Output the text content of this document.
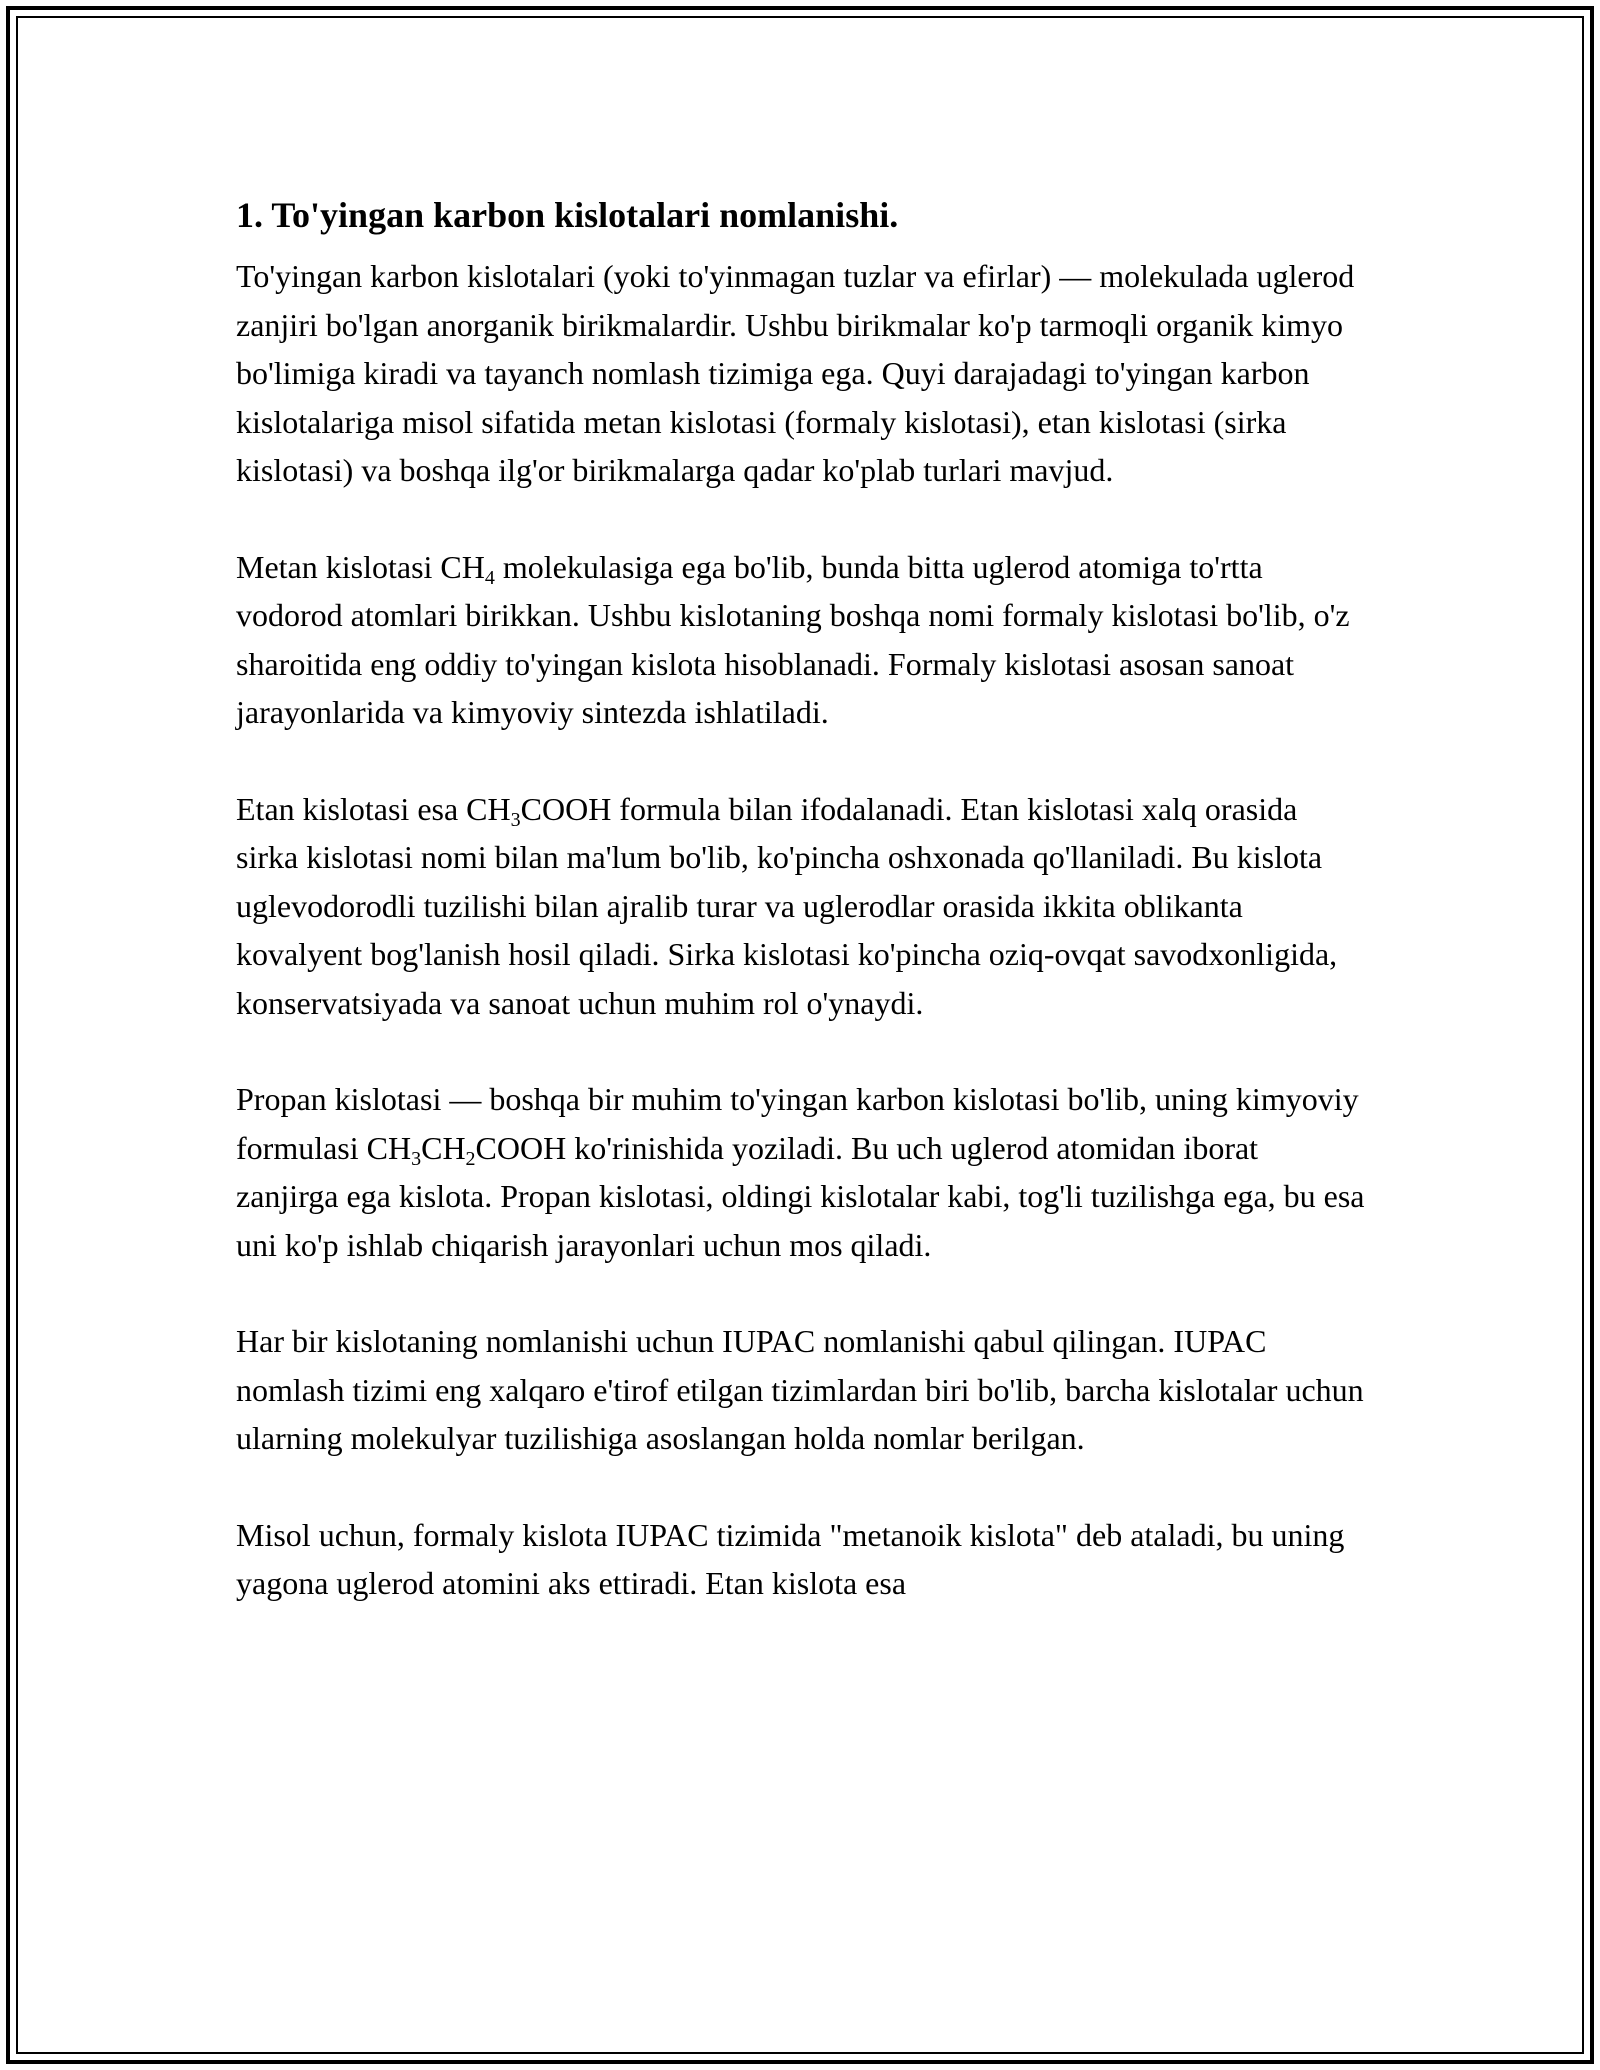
1. To'yingan karbon kislotalari nomlanishi.

To'yingan karbon kislotalari (yoki to'yinmagan tuzlar va efirlar) — molekulada uglerod zanjiri bo'lgan anorganik birikmalardir. Ushbu birikmalar ko'p tarmoqli organik kimyo bo'limiga kiradi va tayanch nomlash tizimiga ega. Quyi darajadagi to'yingan karbon kislotalariga misol sifatida metan kislotasi (formaly kislotasi), etan kislotasi (sirka kislotasi) va boshqa ilg'or birikmalarga qadar ko'plab turlari mavjud.

Metan kislotasi $CH_4$ molekulasiga ega bo'lib, bunda bitta uglerod atomiga to'rtta vodorod atomlari birikkan. Ushbu kislotaning boshqa nomi formaly kislotasi bo'lib, o'z sharoitida eng oddiy to'yingan kislota hisoblanadi. Formaly kislotasi asosan sanoat jarayonlarida va kimyoviy sintezda ishlatiladi.

Etan kislotasi esa $CH_3COOH$ formula bilan ifodalanadi. Etan kislotasi xalq orasida sirka kislotasi nomi bilan ma'lum bo'lib, ko'pincha oshxonada qo'llaniladi. Bu kislota uglevodorodli tuzilishi bilan ajralib turar va uglerodlar orasida ikkita oblikanta kovalyent bog'lanish hosil qiladi. Sirka kislotasi ko'pincha oziq-ovqat savodxonligida, konservatsiyada va sanoat uchun muhim rol o'ynaydi.

Propan kislotasi — boshqa bir muhim to'yingan karbon kislotasi bo'lib, uning kimyoviy formulasi $CH_3CH_2COOH$ ko'rinishida yoziladi. Bu uch uglerod atomidan iborat zanjirga ega kislota. Propan kislotasi, oldingi kislotalar kabi, tog'li tuzilishga ega, bu esa uni ko'p ishlab chiqarish jarayonlari uchun mos qiladi.

Har bir kislotaning nomlanishi uchun IUPAC nomlanishi qabul qilingan. IUPAC nomlash tizimi eng xalqaro e'tirof etilgan tizimlardan biri bo'lib, barcha kislotalar uchun ularning molekulyar tuzilishiga asoslangan holda nomlar berilgan.

Misol uchun, formaly kislota IUPAC tizimida "metanoik kislota" deb ataladi, bu uning yagona uglerod atomini aks ettiradi. Etan kislota esa
